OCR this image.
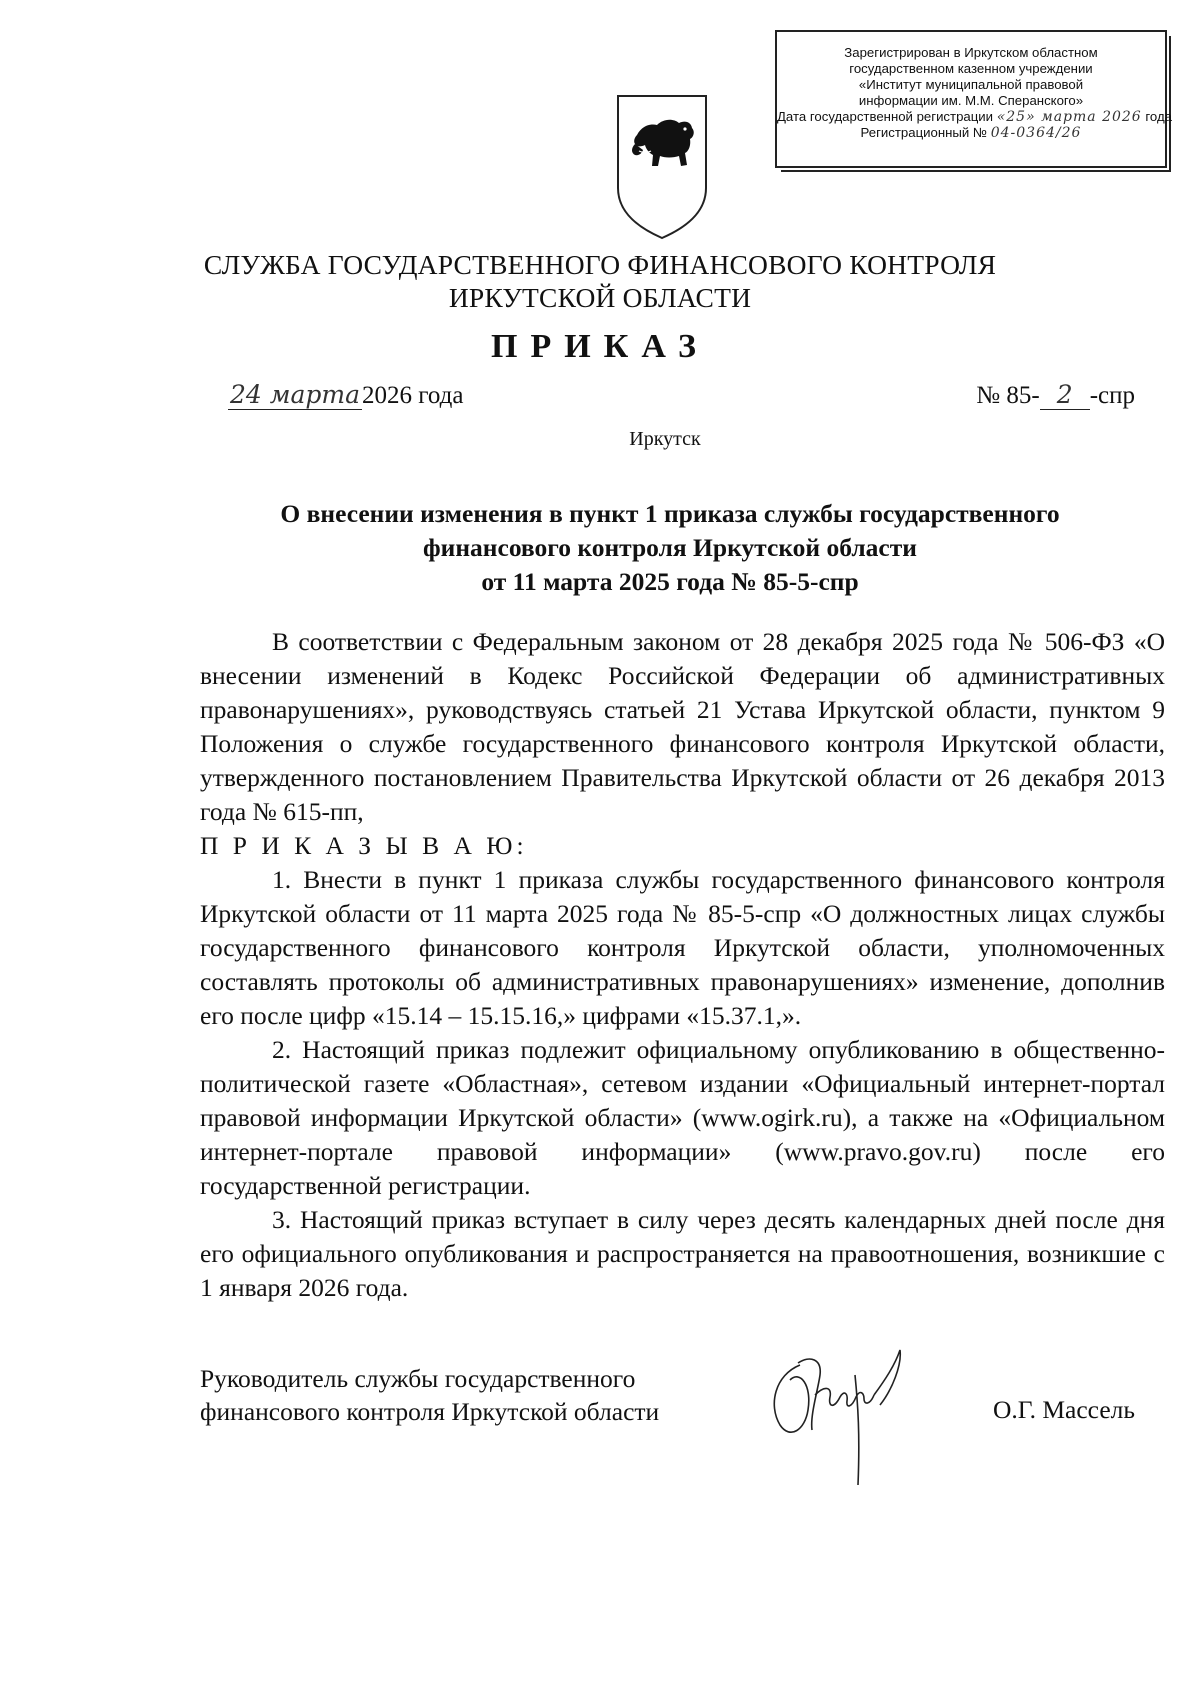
Зарегистрирован в Иркутском областном
государственном казенном учреждении
«Институт муниципальной правовой
информации им. М.М. Сперанского»
Дата государственной регистрации «25» марта 2026 года
Регистрационный № 04-0364/26
СЛУЖБА ГОСУДАРСТВЕННОГО ФИНАНСОВОГО КОНТРОЛЯ
ИРКУТСКОЙ ОБЛАСТИ
ПРИКАЗ
24 марта2026 года	№ 85- 2 -спр
Иркутск
О внесении изменения в пункт 1 приказа службы государственного
финансового контроля Иркутской области
от 11 марта 2025 года № 85-5-спр

В соответствии с Федеральным законом от 28 декабря 2025 года № 506-ФЗ «О внесении изменений в Кодекс Российской Федерации об административных правонарушениях», руководствуясь статьей 21 Устава Иркутской области, пунктом 9 Положения о службе государственного финансового контроля Иркутской области, утвержденного постановлением Правительства Иркутской области от 26 декабря 2013 года № 615-пп,

П Р И К А З Ы В А Ю:

1. Внести в пункт 1 приказа службы государственного финансового контроля Иркутской области от 11 марта 2025 года № 85-5-спр «О должностных лицах службы государственного финансового контроля Иркутской области, уполномоченных составлять протоколы об административных правонарушениях» изменение, дополнив его после цифр «15.14 – 15.15.16,» цифрами «15.37.1,».

2. Настоящий приказ подлежит официальному опубликованию в общественно-политической газете «Областная», сетевом издании «Официальный интернет-портал правовой информации Иркутской области» (www.ogirk.ru), а также на «Официальном интернет-портале правовой информации» (www.pravo.gov.ru) после его государственной регистрации.

3. Настоящий приказ вступает в силу через десять календарных дней после дня его официального опубликования и распространяется на правоотношения, возникшие с 1 января 2026 года.

Руководитель службы государственного
финансового контроля Иркутской области	О.Г. Массель
